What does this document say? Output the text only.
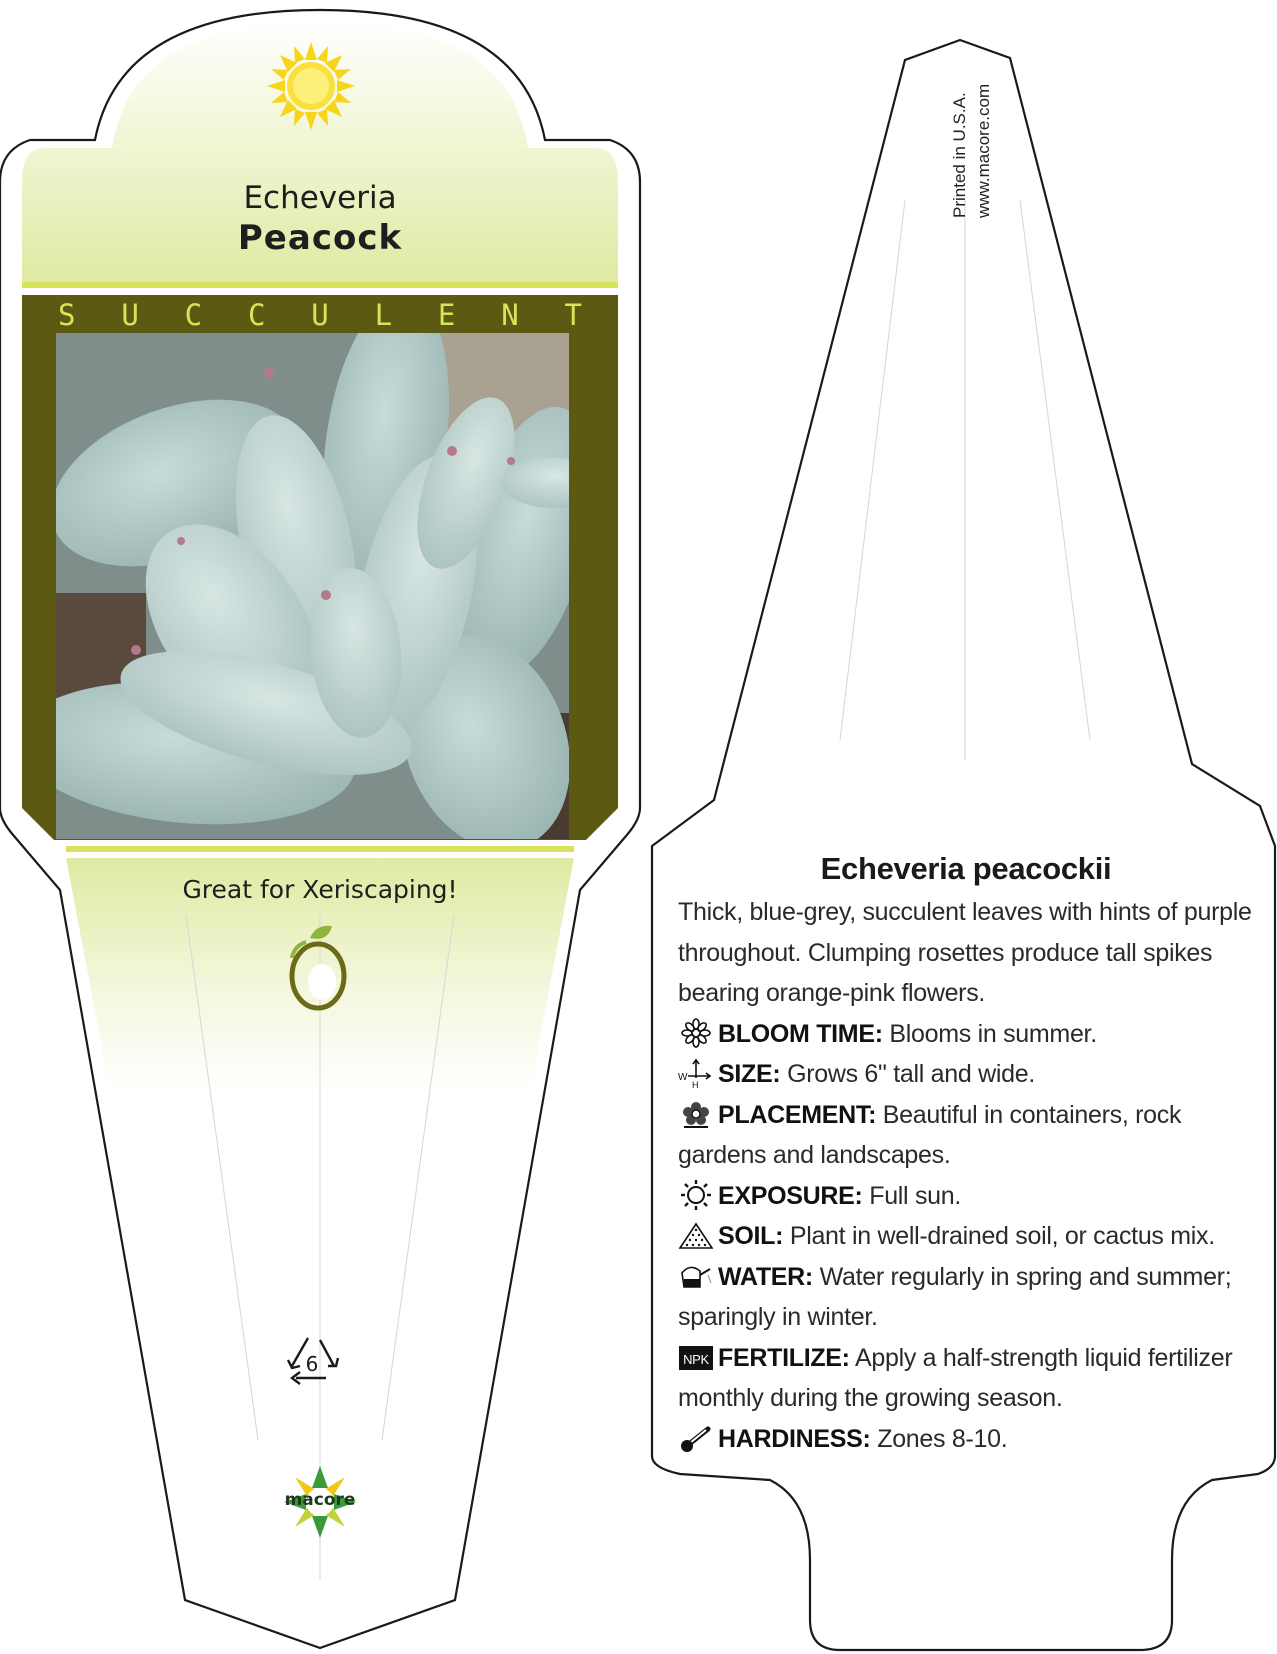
Echeveria
Peacock
S U C C U L E N T
Great for Xeriscaping!
6
macore
Printed in U.S.A. www.macore.com
Echeveria peacockii
Thick, blue-grey, succulent leaves with hints of purple throughout. Clumping rosettes produce tall spikes bearing orange-pink flowers.
BLOOM TIME: Blooms in summer.
W
H SIZE: Grows 6" tall and wide.
PLACEMENT: Beautiful in containers, rock gardens and landscapes.
EXPOSURE: Full sun.
SOIL: Plant in well-drained soil, or cactus mix.
WATER: Water regularly in spring and summer; sparingly in winter.
NPK FERTILIZE: Apply a half-strength liquid fertilizer monthly during the growing season.
HARDINESS: Zones 8-10.
